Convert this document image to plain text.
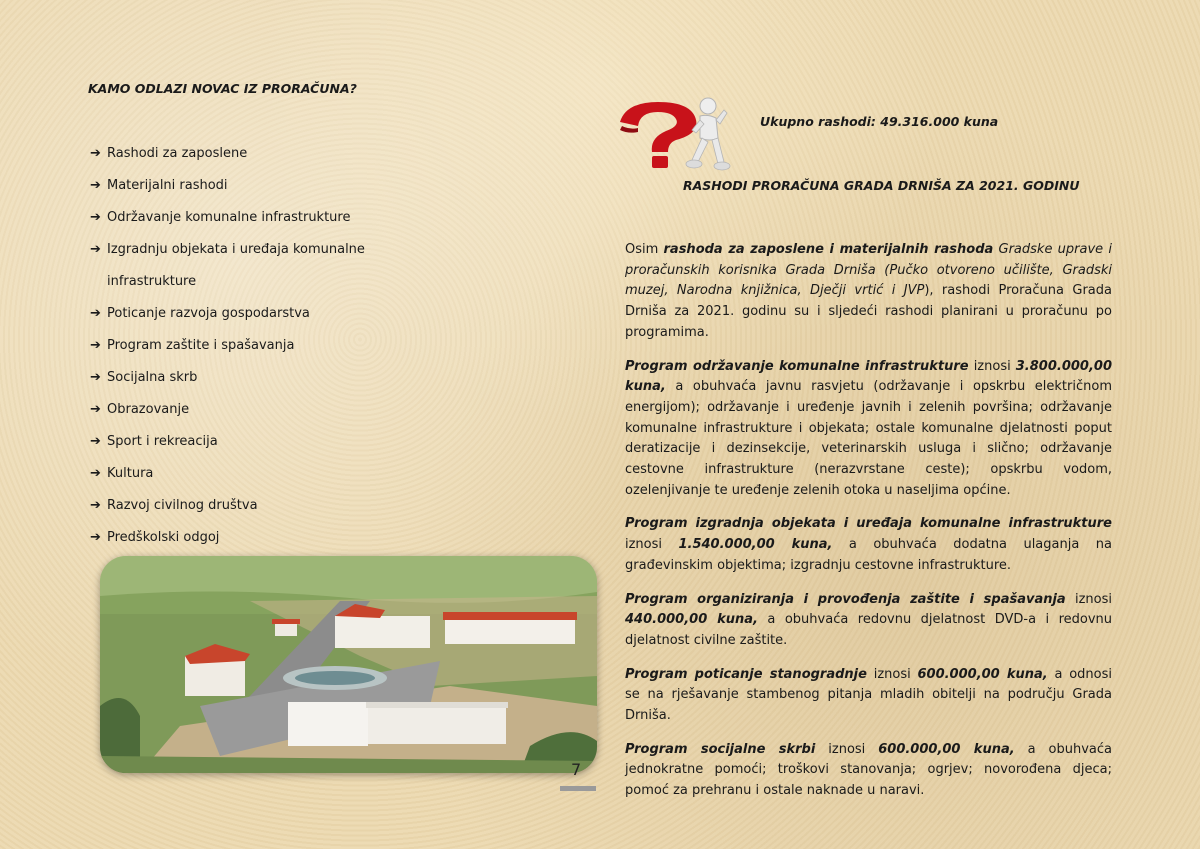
KAMO ODLAZI NOVAC IZ PRORAČUNA?
➔ Rashodi za zaposlene
➔ Materijalni rashodi
➔ Održavanje komunalne infrastrukture
➔ Izgradnju objekata i uređaja komunalne
infrastrukture
➔ Poticanje razvoja gospodarstva
➔ Program zaštite i spašavanja
➔ Socijalna skrb
➔ Obrazovanje
➔ Sport i rekreacija
➔ Kultura
➔ Razvoj civilnog društva
➔ Predškolski odgoj
7
Ukupno rashodi: 49.316.000 kuna
RASHODI PRORAČUNA GRADA DRNIŠA ZA 2021. GODINU

Osim rashoda za zaposlene i materijalnih rashoda Gradske uprave i proračunskih korisnika Grada Drniša (Pučko otvoreno učilište, Gradski muzej, Narodna knjižnica, Dječji vrtić i JVP), rashodi Proračuna Grada Drniša za 2021. godinu su i sljedeći rashodi planirani u proračunu po programima.

Program održavanje komunalne infrastrukture iznosi 3.800.000,00 kuna, a obuhvaća javnu rasvjetu (održavanje i opskrbu električnom energijom); održavanje i uređenje javnih i zelenih površina; održavanje komunalne infrastrukture i objekata; ostale komunalne djelatnosti poput deratizacije i dezinsekcije, veterinarskih usluga i slično; održavanje cestovne infrastrukture (nerazvrstane ceste); opskrbu vodom, ozelenjivanje te uređenje zelenih otoka u naseljima općine.

Program izgradnja objekata i uređaja komunalne infrastrukture iznosi 1.540.000,00 kuna, a obuhvaća dodatna ulaganja na građevinskim objektima; izgradnju cestovne infrastrukture.

Program organiziranja i provođenja zaštite i spašavanja iznosi 440.000,00 kuna, a obuhvaća redovnu djelatnost DVD-a i redovnu djelatnost civilne zaštite.

Program poticanje stanogradnje iznosi 600.000,00 kuna, a odnosi se na rješavanje stambenog pitanja mladih obitelji na području Grada Drniša.

Program socijalne skrbi iznosi 600.000,00 kuna, a obuhvaća jednokratne pomoći; troškovi stanovanja; ogrjev; novorođena djeca; pomoć za prehranu i ostale naknade u naravi.
